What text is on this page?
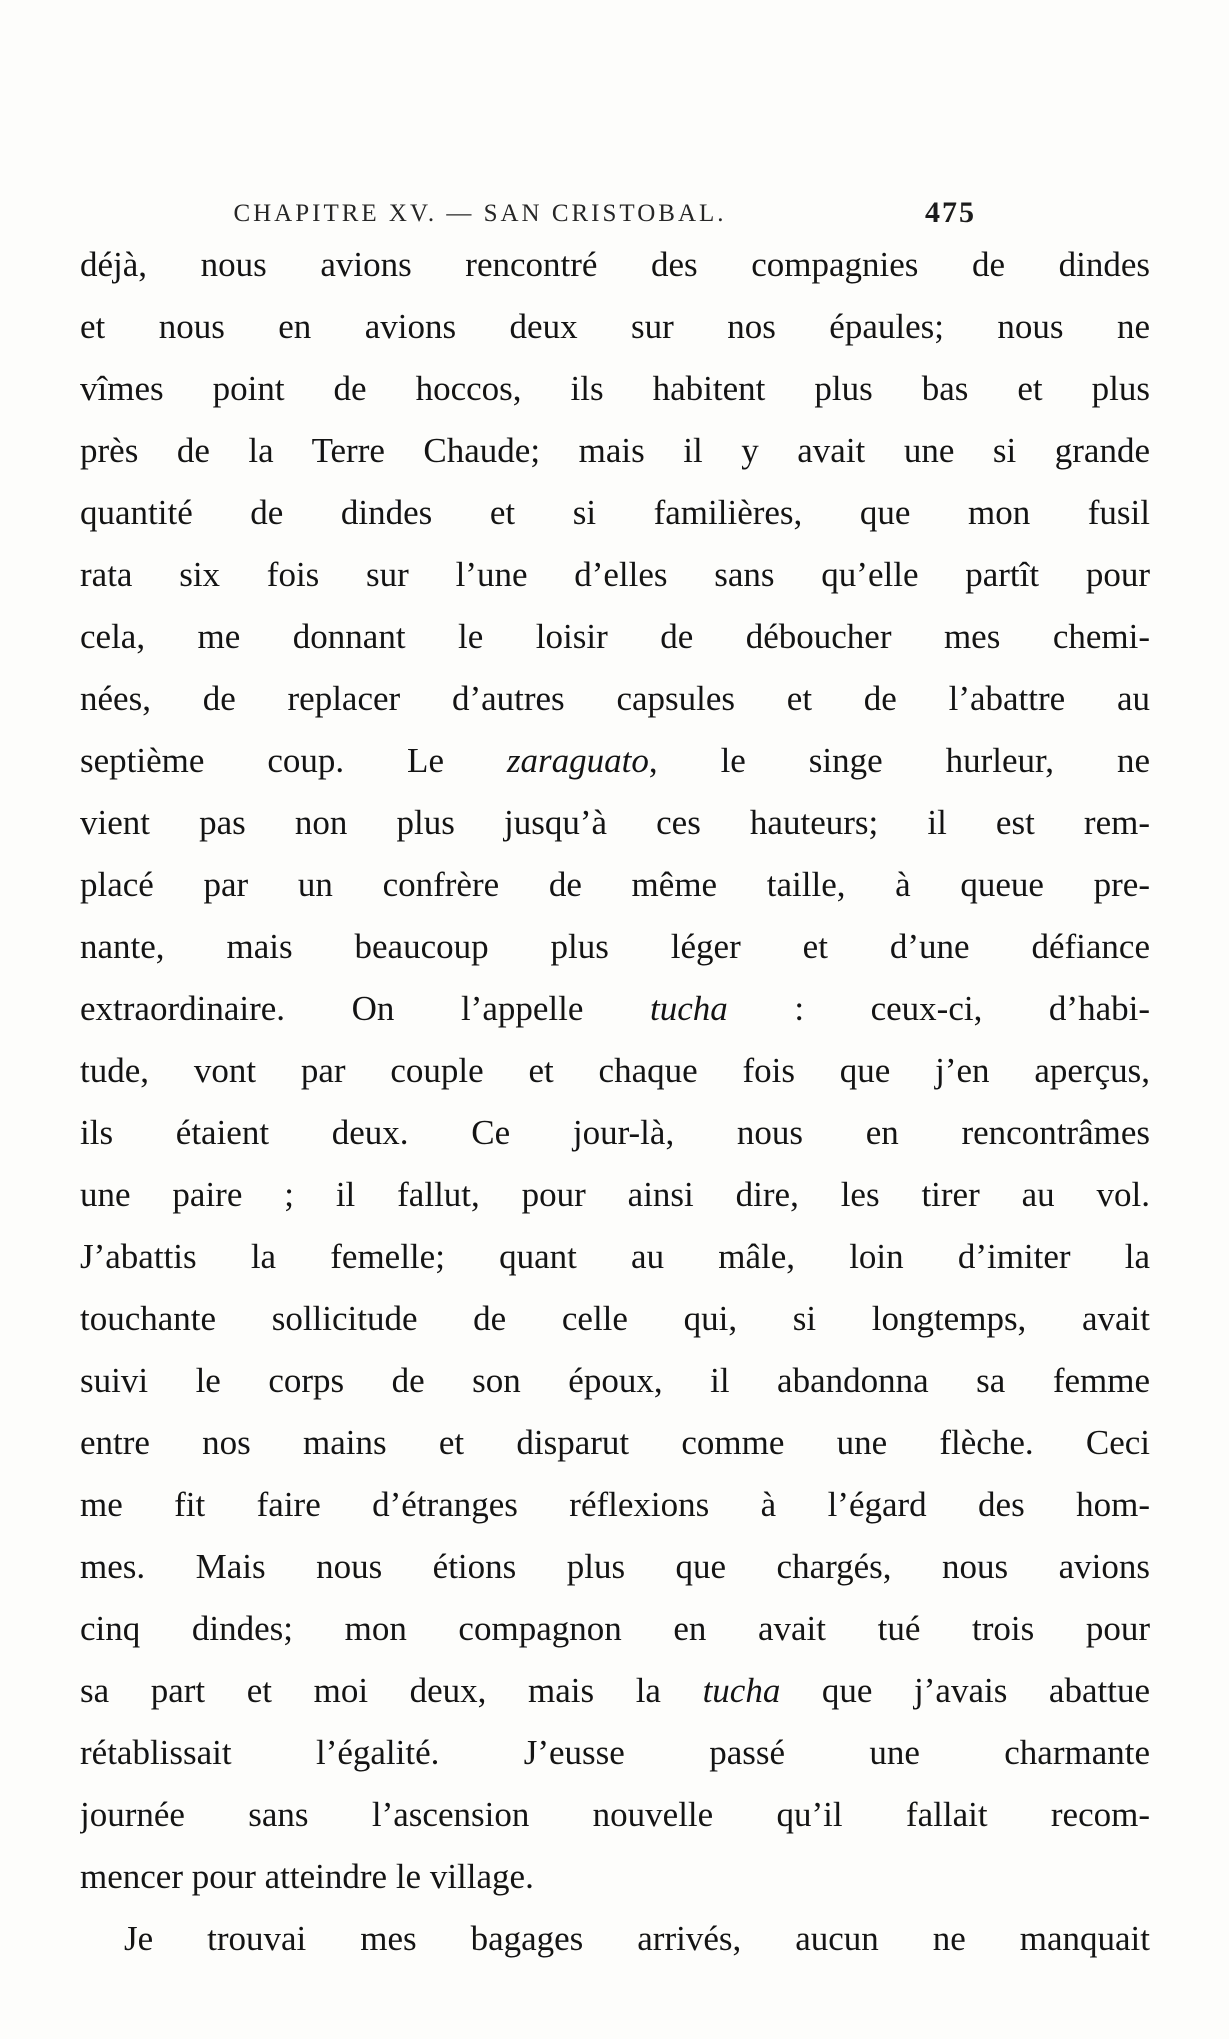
CHAPITRE XV. — SAN CRISTOBAL.	475
déjà, nous avions rencontré des compagnies de dindes
et nous en avions deux sur nos épaules; nous ne
vîmes point de hoccos, ils habitent plus bas et plus
près de la Terre Chaude; mais il y avait une si grande
quantité de dindes et si familières, que mon fusil
rata six fois sur l’une d’elles sans qu’elle partît pour
cela, me donnant le loisir de déboucher mes chemi-
nées, de replacer d’autres capsules et de l’abattre au
septième coup. Le zaraguato, le singe hurleur, ne
vient pas non plus jusqu’à ces hauteurs; il est rem-
placé par un confrère de même taille, à queue pre-
nante, mais beaucoup plus léger et d’une défiance
extraordinaire. On l’appelle tucha : ceux-ci, d’habi-
tude, vont par couple et chaque fois que j’en aperçus,
ils étaient deux. Ce jour-là, nous en rencontrâmes
une paire ; il fallut, pour ainsi dire, les tirer au vol.
J’abattis la femelle; quant au mâle, loin d’imiter la
touchante sollicitude de celle qui, si longtemps, avait
suivi le corps de son époux, il abandonna sa femme
entre nos mains et disparut comme une flèche. Ceci
me fit faire d’étranges réflexions à l’égard des hom-
mes. Mais nous étions plus que chargés, nous avions
cinq dindes; mon compagnon en avait tué trois pour
sa part et moi deux, mais la tucha que j’avais abattue
rétablissait l’égalité. J’eusse passé une charmante
journée sans l’ascension nouvelle qu’il fallait recom-
mencer pour atteindre le village.
Je trouvai mes bagages arrivés, aucun ne manquait
